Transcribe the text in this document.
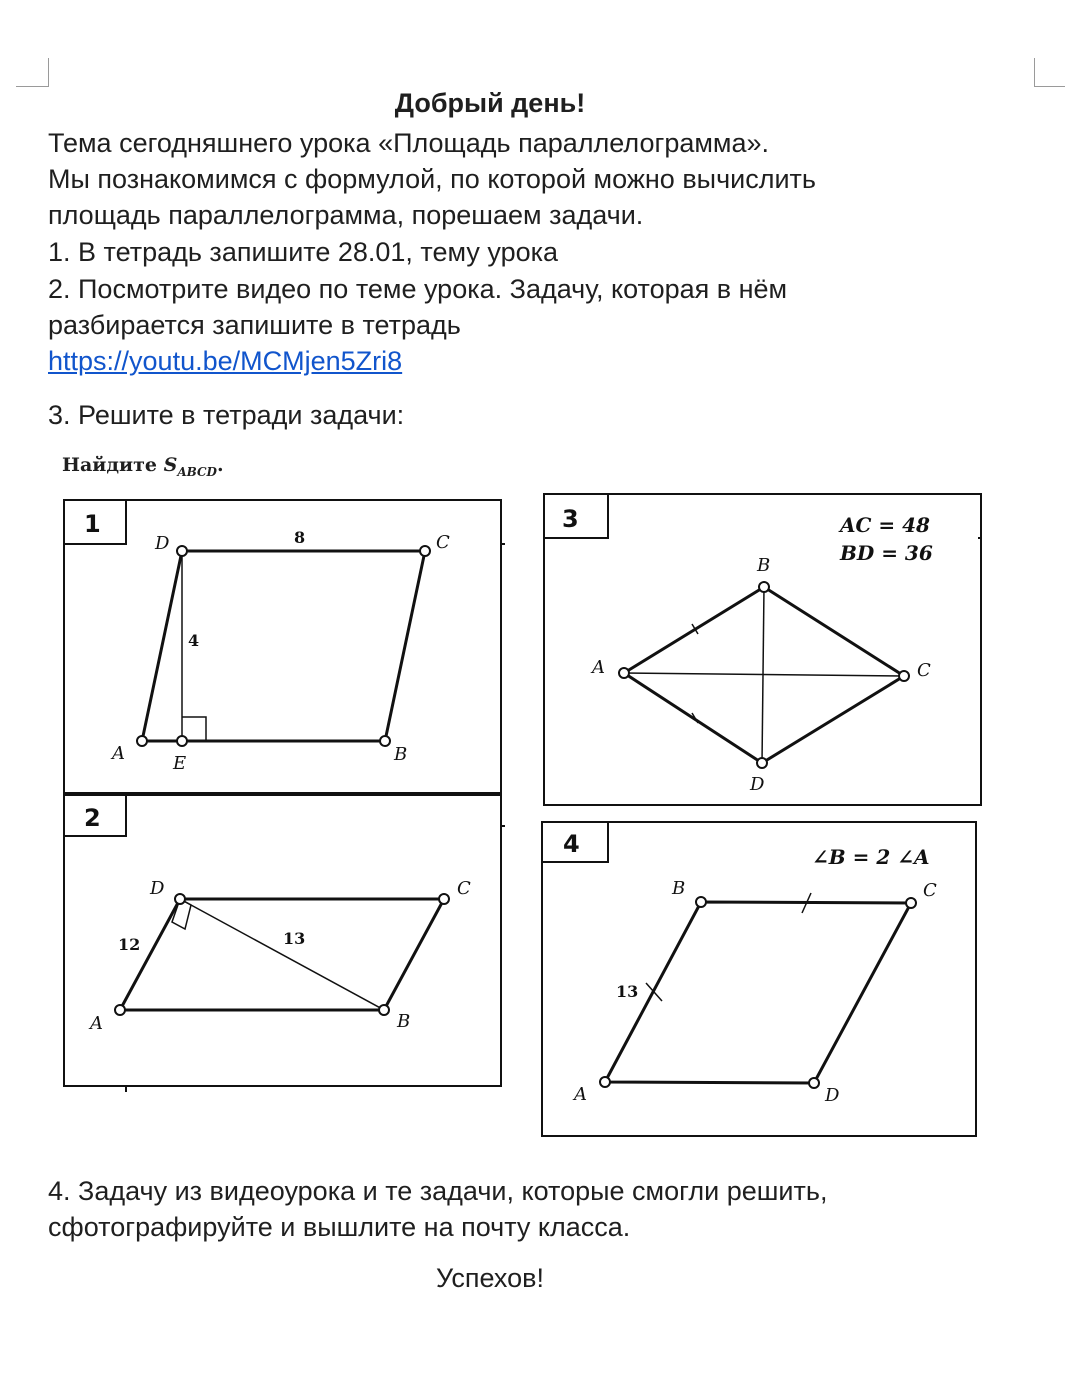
Добрый день!
Тема сегодняшнего урока «Площадь параллелограмма».
Мы познакомимся с формулой, по которой можно вычислить
площадь параллелограмма, порешаем задачи.
1. В тетрадь запишите 28.01, тему урока
2. Посмотрите видео по теме урока. Задачу, которая в нём
разбирается запишите в тетрадь
https://youtu.be/MCMjen5Zri8
3. Решите в тетради задачи:
Найдите $S_{ABCD}$.
1
2
3
4
D	C
A	E	B
8
4
D	C
A	B
12	13
AC = 48
BD = 36
B
A	C
D
∠B = 2 ∠A
B	C
A	D
13
4. Задачу из видеоурока и те задачи, которые смогли решить,
сфотографируйте и вышлите на почту класса.
Успехов!
